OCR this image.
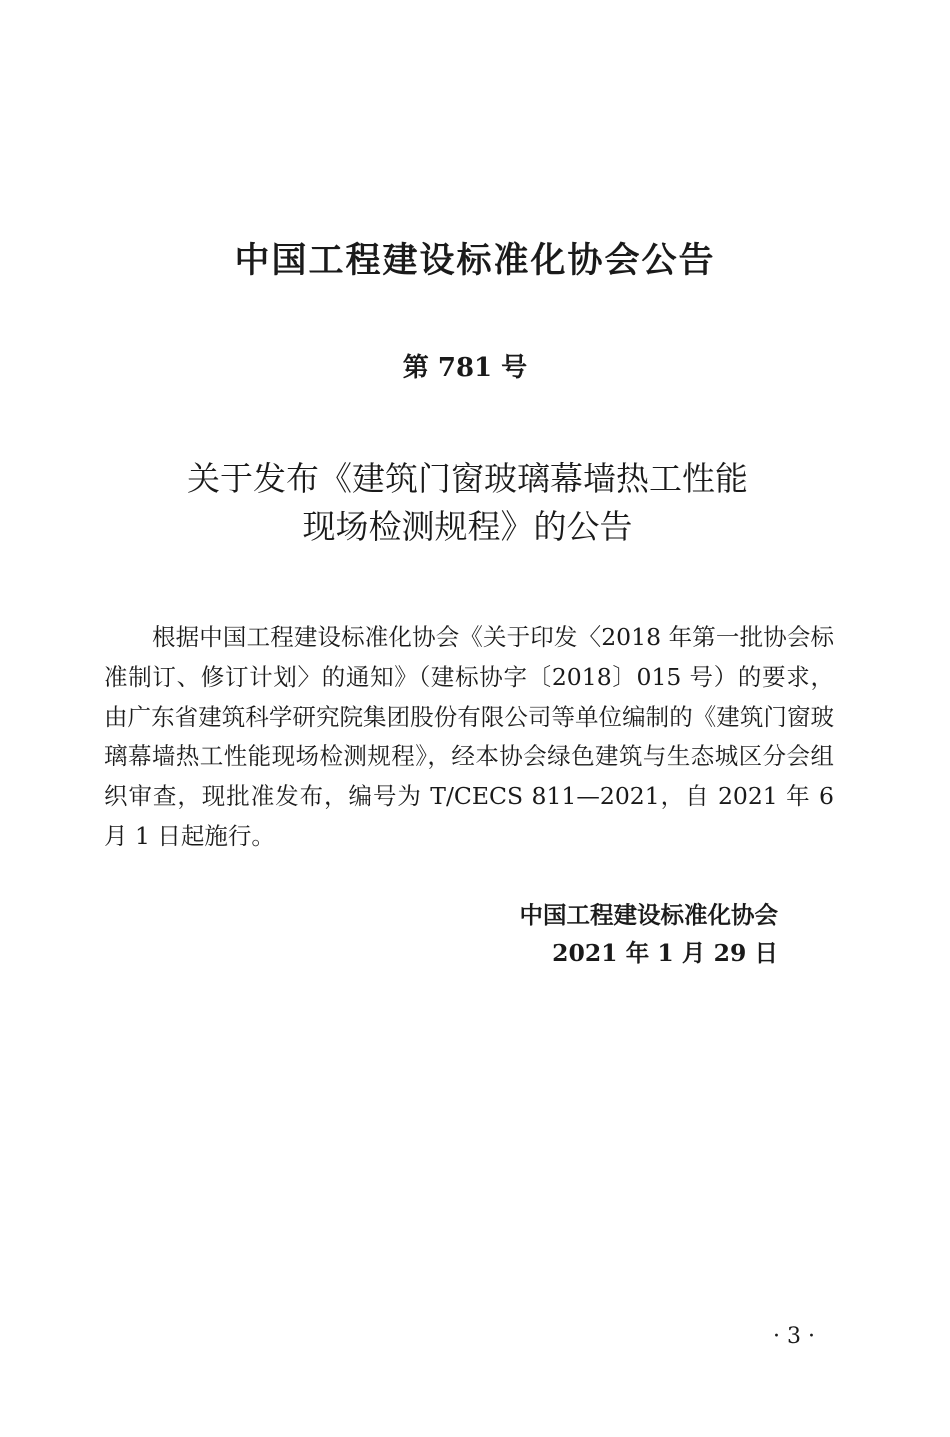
中国工程建设标准化协会公告
第 781 号
关于发布《建筑门窗玻璃幕墙热工性能
现场检测规程》的公告

根据中国工程建设标准化协会《关于印发〈2018 年第一批协会标准制订、修订计划〉的通知》（建标协字〔2018〕015 号）的要求，由广东省建筑科学研究院集团股份有限公司等单位编制的《建筑门窗玻璃幕墙热工性能现场检测规程》，经本协会绿色建筑与生态城区分会组织审查，现批准发布，编号为 T/CECS 811—2021，自 2021 年 6 月 1 日起施行。

中国工程建设标准化协会
2021 年 1 月 29 日
· 3 ·
